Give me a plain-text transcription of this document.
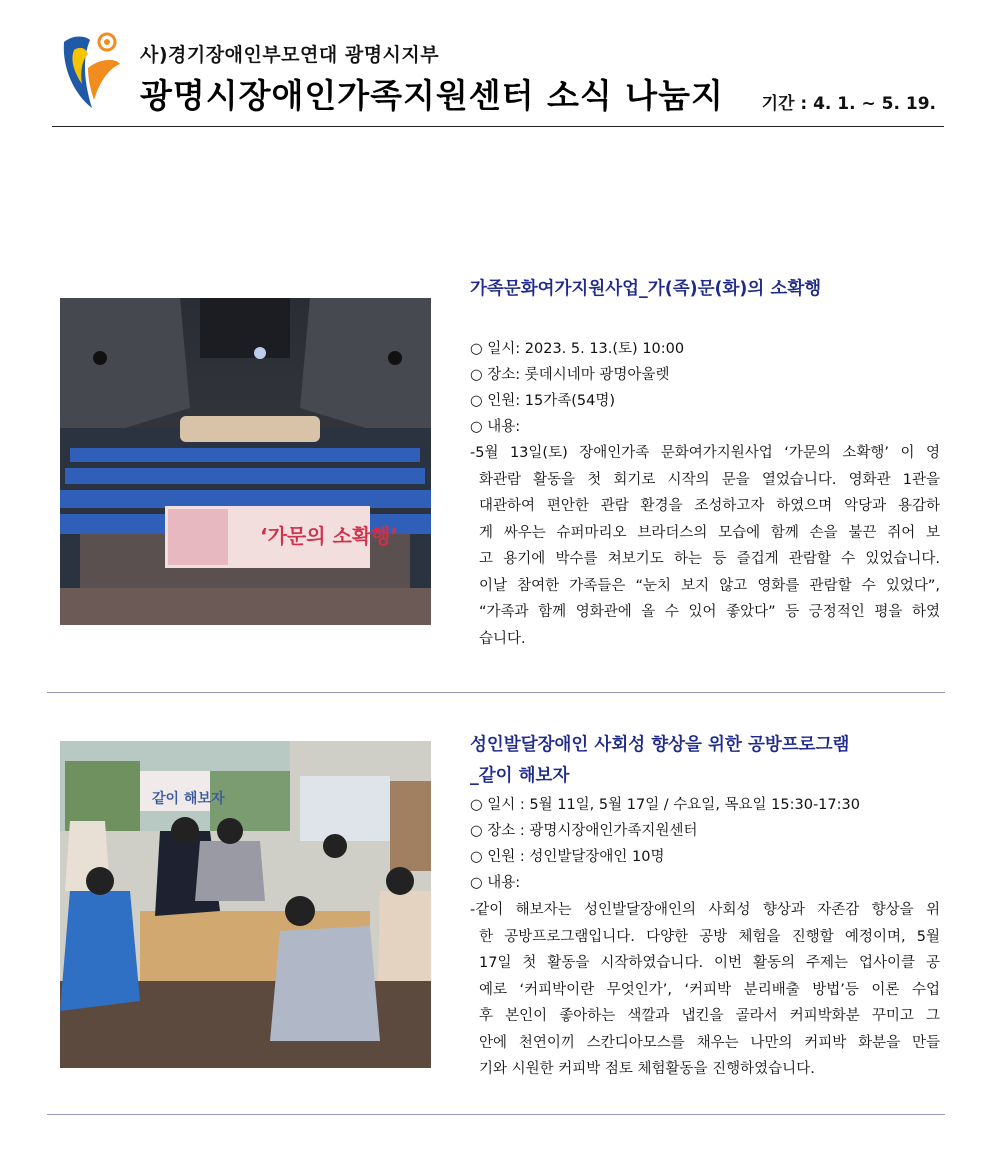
사)경기장애인부모연대 광명시지부
광명시장애인가족지원센터 소식 나눔지 기간 : 4. 1. ~ 5. 19.
‘가문의 소확행’
가족문화여가지원사업_가(족)문(화)의 소확행
○ 일시: 2023. 5. 13.(토) 10:00
○ 장소: 롯데시네마 광명아울렛
○ 인원: 15가족(54명)
○ 내용:
-5월 13일(토) 장애인가족 문화여가지원사업 ‘가문의 소확행’ 이 영
화관람 활동을 첫 회기로 시작의 문을 열었습니다. 영화관 1관을
대관하여 편안한 관람 환경을 조성하고자 하였으며 악당과 용감하
게 싸우는 슈퍼마리오 브라더스의 모습에 함께 손을 불끈 쥐어 보
고 용기에 박수를 쳐보기도 하는 등 즐겁게 관람할 수 있었습니다.
이날 참여한 가족들은 “눈치 보지 않고 영화를 관람할 수 있었다”,
“가족과 함께 영화관에 올 수 있어 좋았다” 등 긍정적인 평을 하였
습니다.
같이 해보자
성인발달장애인 사회성 향상을 위한 공방프로그램
_같이 해보자
○ 일시 : 5월 11일, 5월 17일 / 수요일, 목요일 15:30-17:30
○ 장소 : 광명시장애인가족지원센터
○ 인원 : 성인발달장애인 10명
○ 내용:
-같이 해보자는 성인발달장애인의 사회성 향상과 자존감 향상을 위
한 공방프로그램입니다. 다양한 공방 체험을 진행할 예정이며, 5월
17일 첫 활동을 시작하였습니다. 이번 활동의 주제는 업사이클 공
예로 ‘커피박이란 무엇인가’, ‘커피박 분리배출 방법’등 이론 수업
후 본인이 좋아하는 색깔과 냅킨을 골라서 커피박화분 꾸미고 그
안에 천연이끼 스칸디아모스를 채우는 나만의 커피박 화분을 만들
기와 시원한 커피박 점토 체험활동을 진행하였습니다.
